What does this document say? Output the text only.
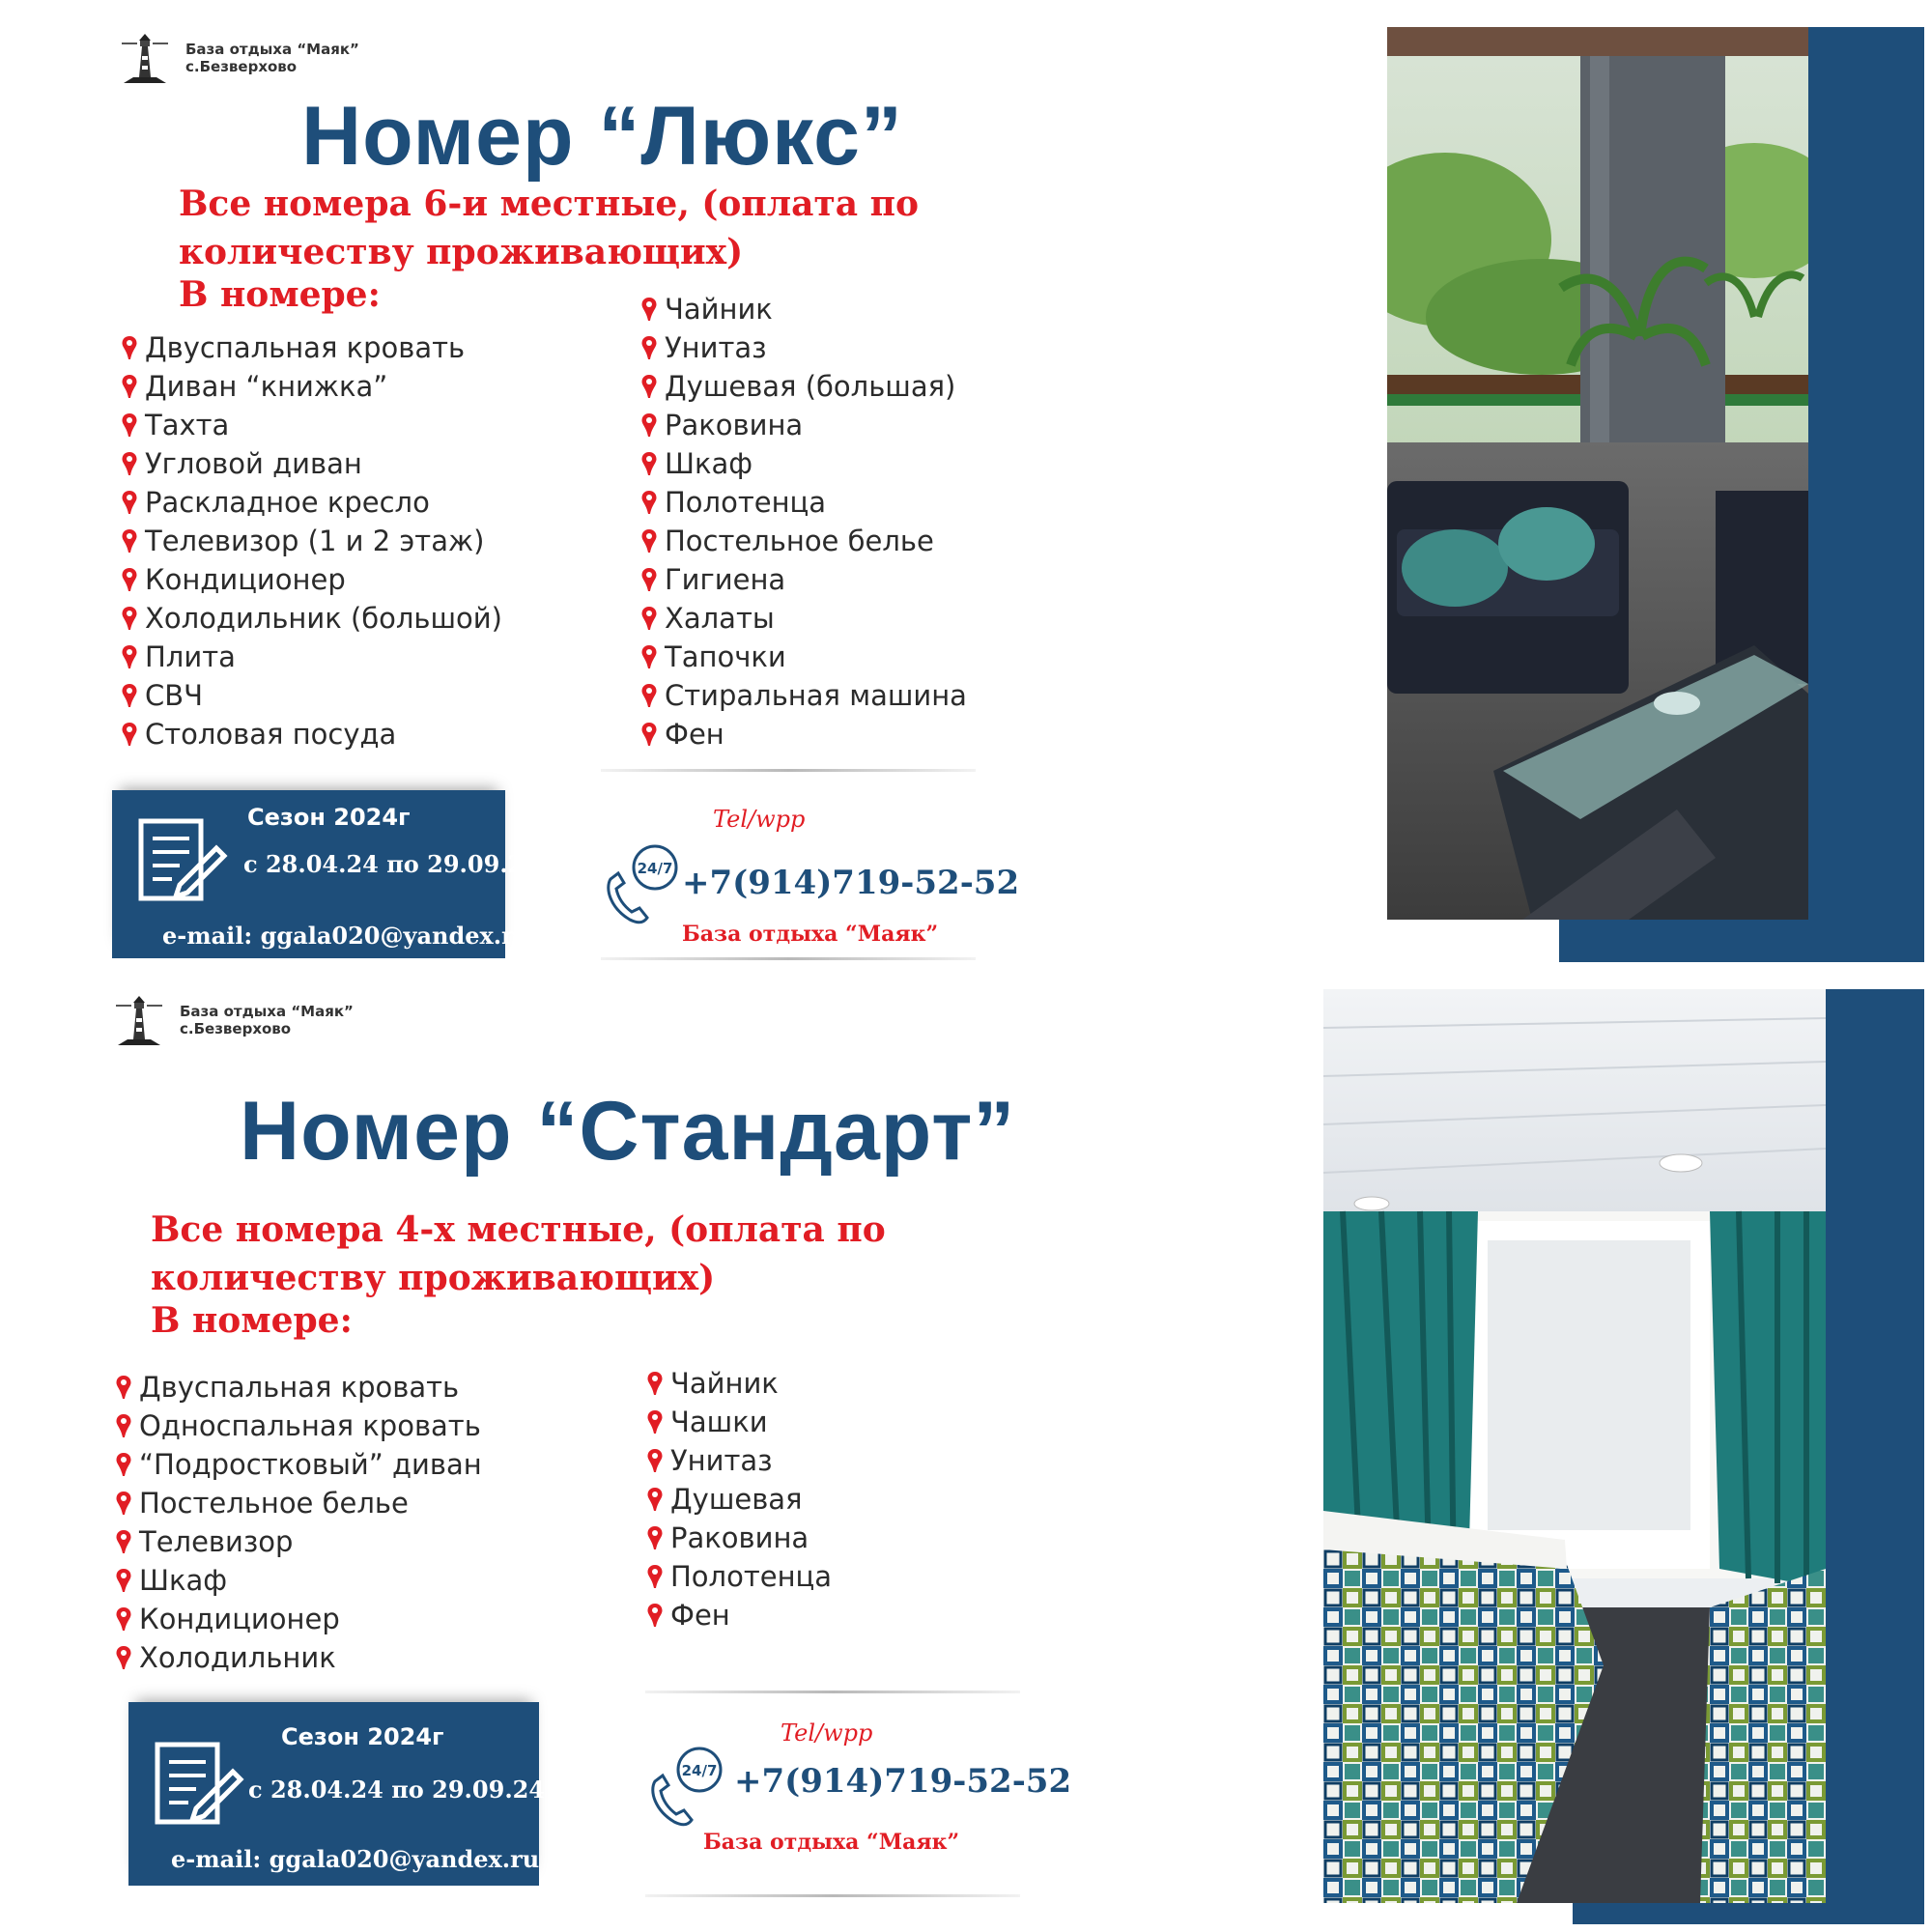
База отдыха “Маяк”
с.Безверхово
Номер “Люкс”
Все номера 6-и местные, (оплата по количеству проживающих)
В номере:
Двуспальная кровать
Диван “книжка”
Тахта
Угловой диван
Раскладное кресло
Телевизор (1 и 2 этаж)
Кондиционер
Холодильник (большой)
Плита
СВЧ
Столовая посуда
Чайник
Унитаз
Душевая (большая)
Раковина
Шкаф
Полотенца
Постельное белье
Гигиена
Халаты
Тапочки
Стиральная машина
Фен
Сезон 2024г
с 28.04.24 по 29.09.24
e-mail: ggala020@yandex.ru
Tel/wpp
24/7 +7(914)719-52-52
База отдыха “Маяк”
База отдыха “Маяк”
с.Безверхово
Номер “Стандарт”
Все номера 4-х местные, (оплата по количеству проживающих)
В номере:
Двуспальная кровать
Односпальная кровать
“Подростковый” диван
Постельное белье
Телевизор
Шкаф
Кондиционер
Холодильник
Чайник
Чашки
Унитаз
Душевая
Раковина
Полотенца
Фен
Сезон 2024г
с 28.04.24 по 29.09.24
e-mail: ggala020@yandex.ru
Tel/wpp
24/7 +7(914)719-52-52
База отдыха “Маяк”
